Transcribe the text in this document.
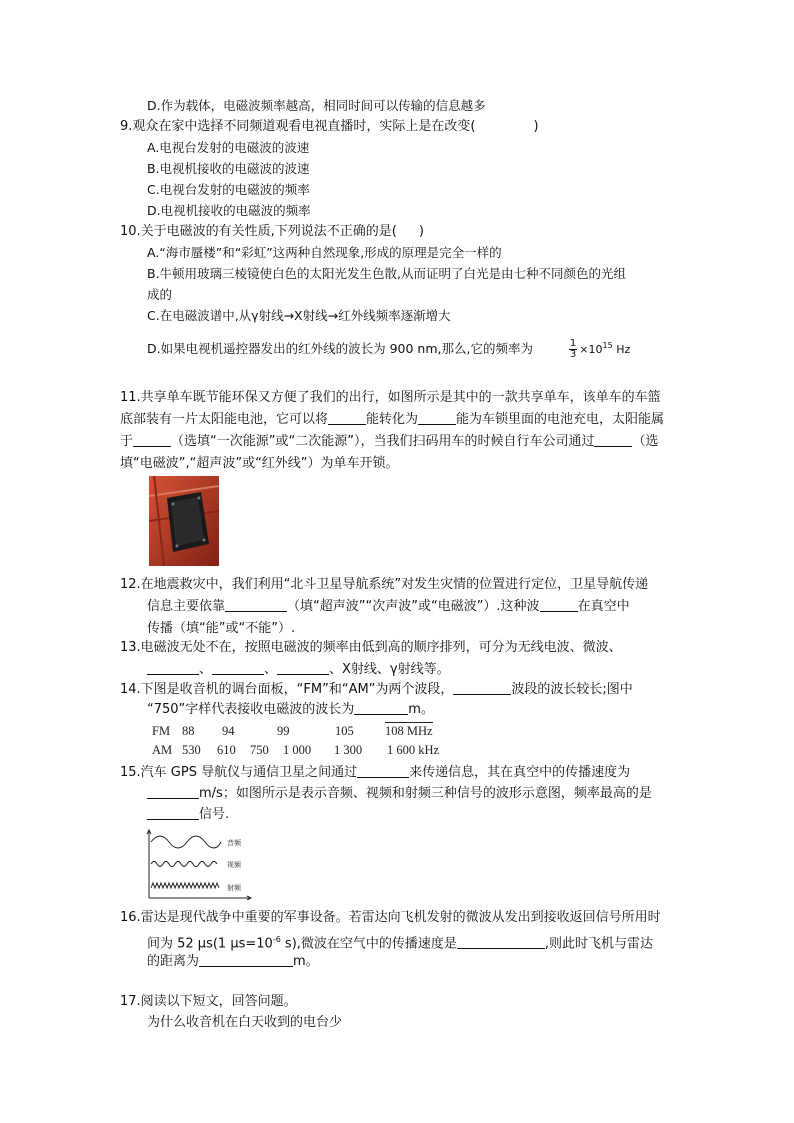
D.作为载体，电磁波频率越高，相同时间可以传输的信息越多
9.观众在家中选择不同频道观看电视直播时，实际上是在改变(	)
A.电视台发射的电磁波的波速
B.电视机接收的电磁波的波速
C.电视台发射的电磁波的频率
D.电视机接收的电磁波的频率
10.关于电磁波的有关性质,下列说法不正确的是( )
A.“海市蜃楼”和“彩虹”这两种自然现象,形成的原理是完全一样的
B.牛顿用玻璃三棱镜使白色的太阳光发生色散,从而证明了白光是由七种不同颜色的光组
成的
C.在电磁波谱中,从γ射线→X射线→红外线频率逐渐增大
D.如果电视机遥控器发出的红外线的波长为 900 nm,那么,它的频率为	$\frac{1}{3} \times 10^{15}$ Hz
11.共享单车既节能环保又方便了我们的出行，如图所示是其中的一款共享单车，该单车的车篮
底部装有一片太阳能电池，它可以将	能转化为	能为车锁里面的电池充电，太阳能属
于	（选填“一次能源”或“二次能源”），当我们扫码用车的时候自行车公司通过	（选
填“电磁波”,“超声波”或“红外线”）为单车开锁。
12.在地震救灾中，我们利用“北斗卫星导航系统”对发生灾情的位置进行定位，卫星导航传递
信息主要依靠	（填“超声波”“次声波”或“电磁波”）.这种波	在真空中
传播（填“能”或“不能”）.
13.电磁波无处不在，按照电磁波的频率由低到高的顺序排列，可分为无线电波、微波、
、	、	、X射线、γ射线等。
14.下图是收音机的调台面板，“FM”和“AM”为两个波段，	波段的波长较长;图中
“750”字样代表接收电磁波的波长为	m。
FM 88 94	99	105	108 MHz
AM 530 610 750 1 000 1 300 1 600 kHz
15.汽车 GPS 导航仪与通信卫星之间通过	来传递信息，其在真空中的传播速度为
m/s；如图所示是表示音频、视频和射频三种信号的波形示意图，频率最高的是
信号.
音频
视频
射频
16.雷达是现代战争中重要的军事设备。若雷达向飞机发射的微波从发出到接收返回信号所用时
间为 52 μs(1 $\mu s=10^{-6}$ s),微波在空气中的传播速度是	,则此时飞机与雷达
的距离为	m。
17.阅读以下短文，回答问题。
为什么收音机在白天收到的电台少
